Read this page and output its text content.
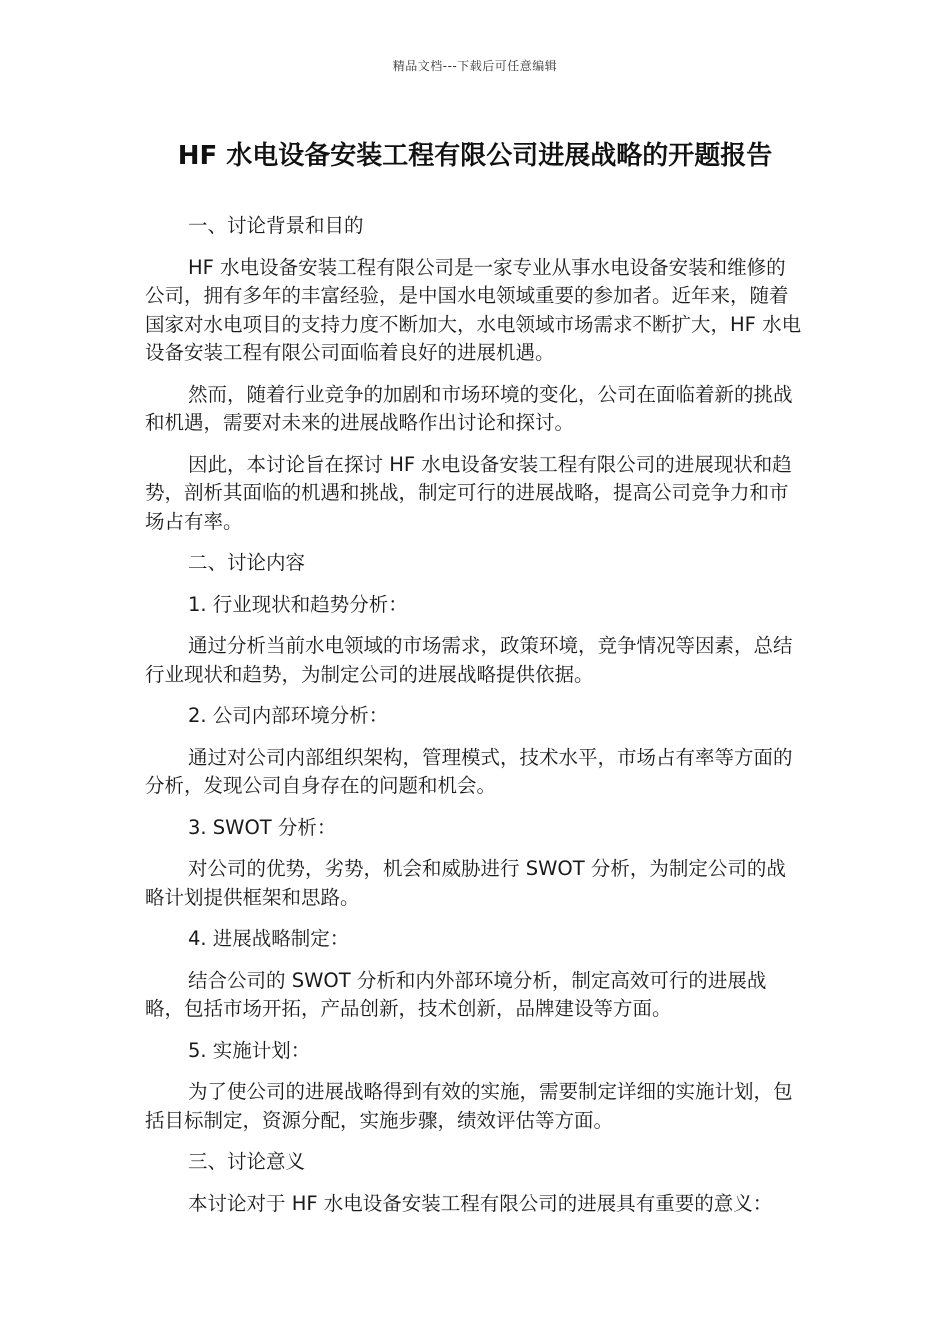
精品文档---下载后可任意编辑
HF 水电设备安装工程有限公司进展战略的开题报告

一、讨论背景和目的

HF 水电设备安装工程有限公司是一家专业从事水电设备安装和维修的公司，拥有多年的丰富经验，是中国水电领域重要的参加者。近年来，随着国家对水电项目的支持力度不断加大，水电领域市场需求不断扩大，HF 水电设备安装工程有限公司面临着良好的进展机遇。

然而，随着行业竞争的加剧和市场环境的变化，公司在面临着新的挑战和机遇，需要对未来的进展战略作出讨论和探讨。

因此，本讨论旨在探讨 HF 水电设备安装工程有限公司的进展现状和趋势，剖析其面临的机遇和挑战，制定可行的进展战略，提高公司竞争力和市场占有率。

二、讨论内容

1. 行业现状和趋势分析：

通过分析当前水电领域的市场需求，政策环境，竞争情况等因素，总结行业现状和趋势，为制定公司的进展战略提供依据。

2. 公司内部环境分析：

通过对公司内部组织架构，管理模式，技术水平，市场占有率等方面的分析，发现公司自身存在的问题和机会。

3. SWOT 分析：

对公司的优势，劣势，机会和威胁进行 SWOT 分析，为制定公司的战略计划提供框架和思路。

4. 进展战略制定：

结合公司的 SWOT 分析和内外部环境分析，制定高效可行的进展战略，包括市场开拓，产品创新，技术创新，品牌建设等方面。

5. 实施计划：

为了使公司的进展战略得到有效的实施，需要制定详细的实施计划，包括目标制定，资源分配，实施步骤，绩效评估等方面。

三、讨论意义

本讨论对于 HF 水电设备安装工程有限公司的进展具有重要的意义：
